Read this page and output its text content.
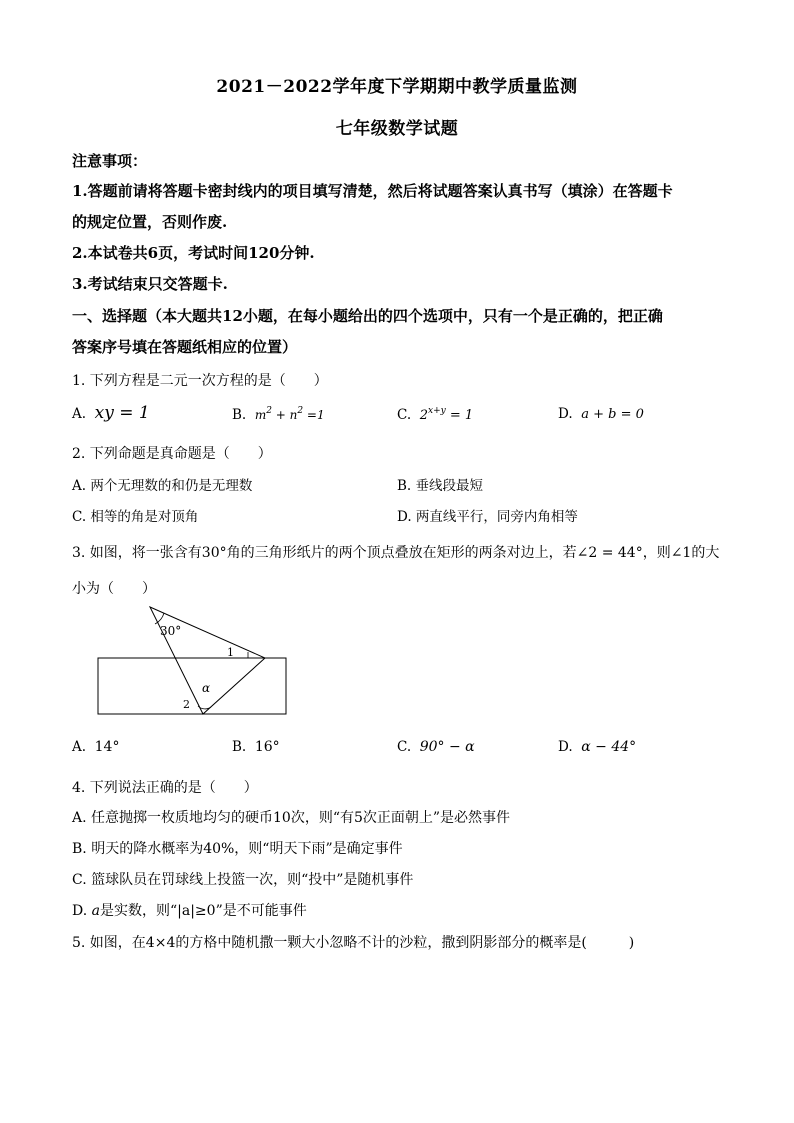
2021－2022学年度下学期期中教学质量监测
七年级数学试题
注意事项：
1.答题前请将答题卡密封线内的项目填写清楚，然后将试题答案认真书写（填涂）在答题卡
的规定位置，否则作废.
2.本试卷共6页，考试时间120分钟.
3.考试结束只交答题卡.
一、选择题（本大题共12小题，在每小题给出的四个选项中，只有一个是正确的，把正确
答案序号填在答题纸相应的位置）
1. 下列方程是二元一次方程的是（　　）
A. xy = 1	B. $m^2 + n^2 =1$	C. $2^{x+y} = 1$	D. a + b = 0
2. 下列命题是真命题是（　　）
A. 两个无理数的和仍是无理数	B. 垂线段最短
C. 相等的角是对顶角	D. 两直线平行，同旁内角相等
3. 如图，将一张含有30°角的三角形纸片的两个顶点叠放在矩形的两条对边上，若∠2 = 44°，则∠1的大
小为（　　）
30°
1
α
2
A. 14°	B. 16°	C. 90° − α	D. α − 44°
4. 下列说法正确的是（　　）
A. 任意抛掷一枚质地均匀的硬币10次，则“有5次正面朝上”是必然事件
B. 明天的降水概率为40%，则“明天下雨”是确定事件
C. 篮球队员在罚球线上投篮一次，则“投中”是随机事件
D. a是实数，则“|a|≥0”是不可能事件
5. 如图，在4×4的方格中随机撒一颗大小忽略不计的沙粒，撒到阴影部分的概率是(　　　)
